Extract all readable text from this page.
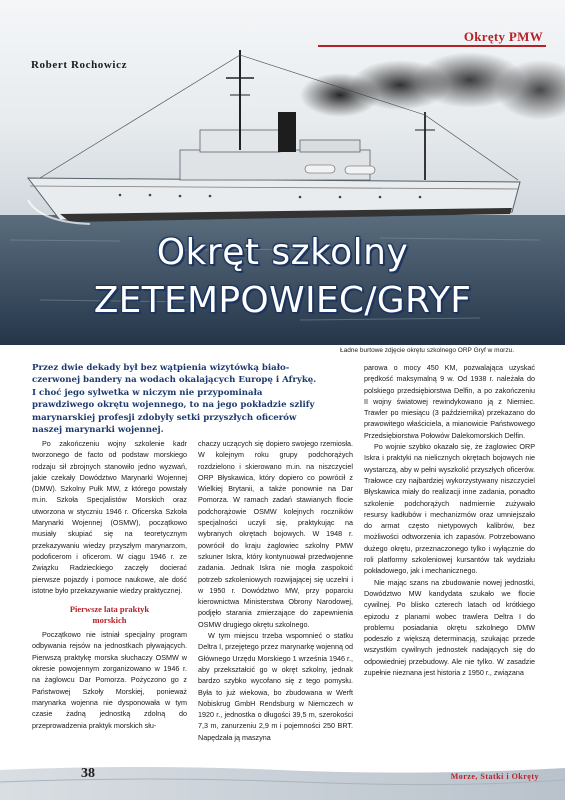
Okręty PMW
Robert Rochowicz
Okręt szkolny
ZETEMPOWIEC/GRYF
Ładne burtowe zdjęcie okrętu szkolnego ORP Gryf w morzu.
Przez dwie dekady był bez wątpienia wizytówką biało-czerwonej bandery na wodach okalających Europę i Afrykę. I choć jego sylwetka w niczym nie przypominała prawdziwego okrętu wojennego, to na jego pokładzie szlify marynarskiej profesji zdobyły setki przyszłych oficerów naszej marynarki wojennej.

Po zakończeniu wojny szkolenie kadr tworzonego de facto od podstaw morskiego rodzaju sił zbrojnych stanowiło jedno wyzwań, jakie czekały Dowództwo Marynarki Wojennej (DMW). Szkolny Pułk MW, z którego powstały m.in. Szkoła Specjalistów Morskich oraz utworzona w styczniu 1946 r. Oficerska Szkoła Marynarki Wojennej (OSMW), początkowo musiały skupiać się na teoretycznym przekazywaniu wiedzy przyszłym marynarzom, podoficerom i oficerom. W ciągu 1946 r. ze Związku Radzieckiego zaczęły docierać pierwsze pojazdy i pomoce naukowe, ale dość istotne było przekazywanie wiedzy praktycznej.

Pierwsze lata praktyk
morskich

Początkowo nie istniał specjalny program odbywania rejsów na jednostkach pływających. Pierwszą praktykę morska słuchaczy OSMW w okresie powojennym zorganizowano w 1946 r. na żaglowcu Dar Pomorza. Pożyczono go z Państwowej Szkoły Morskiej, ponieważ marynarka wojenna nie dysponowała w tym czasie żadną jednostką zdolną do przeprowadzenia praktyk morskich słu-

chaczy uczących się dopiero swojego rzemiosła. W kolejnym roku grupy podchorążych rozdzielono i skierowano m.in. na niszczyciel ORP Błyskawica, który dopiero co powrócił z Wielkiej Brytanii, a także ponownie na Dar Pomorza. W ramach zadań stawianych flocie podchorążowie OSMW kolejnych roczników specjalności uczyli się, praktykując na wybranych okrętach bojowych. W 1948 r. powrócił do kraju żaglowiec szkolny PMW szkuner Iskra, który kontynuował przedwojenne zadania. Jednak Iskra nie mogła zaspokoić potrzeb szkoleniowych rozwijającej się uczelni i w 1950 r. Dowództwo MW, przy poparciu kierownictwa Ministerstwa Obrony Narodowej, podjęło starania zmierzające do zapewnienia OSMW drugiego okrętu szkolnego.

W tym miejscu trzeba wspomnieć o statku Deltra I, przejętego przez marynarkę wojenną od Głównego Urzędu Morskiego 1 września 1946 r., aby przekształcić go w okręt szkolny, jednak bardzo szybko wycofano się z tego pomysłu. Była to już wiekowa, bo zbudowana w Werft Nobiskrug GmbH Rendsburg w Niemczech w 1920 r., jednostka o długości 39,5 m, szerokości 7,3 m, zanurzeniu 2,9 m i pojemności 250 BRT. Napędzała ją maszyna

parowa o mocy 450 KM, pozwalająca uzyskać prędkość maksymalną 9 w. Od 1938 r. należała do polskiego przedsiębiorstwa Delfin, a po zakończeniu II wojny światowej rewindykowano ją z Niemiec. Trawler po miesiącu (3 października) przekazano do prawowitego właściciela, a mianowicie Państwowego Przedsiębiorstwa Połowów Dalekomorskich Delfin.

Po wojnie szybko okazało się, że żaglowiec ORP Iskra i praktyki na nielicznych okrętach bojowych nie wystarczą, aby w pełni wyszkolić przyszłych oficerów. Trałowce czy najbardziej wykorzystywany niszczyciel Błyskawica miały do realizacji inne zadania, ponadto szkolenie podchorążych nadmiernie zużywało resursy kadłubów i mechanizmów oraz umniejszało do armat często nietypowych kalibrów, bez możliwości odtworzenia ich zapasów. Potrzebowano dużego okrętu, przeznaczonego tylko i wyłącznie do roli platformy szkoleniowej kursantów tak wydziału pokładowego, jak i mechanicznego.

Nie mając szans na zbudowanie nowej jednostki, Dowództwo MW kandydata szukało we flocie cywilnej. Po blisko czterech latach od krótkiego epizodu z planami wobec trawlera Deltra I do problemu posiadania okrętu szkolnego DMW podeszło z większą determinacją, szukając przede wszystkim cywilnych jednostek nadających się do odpowiedniej przebudowy. Ale nie tylko. W zasadzie zupełnie nieznana jest historia z 1950 r., związana

38	Morze, Statki i Okręty
